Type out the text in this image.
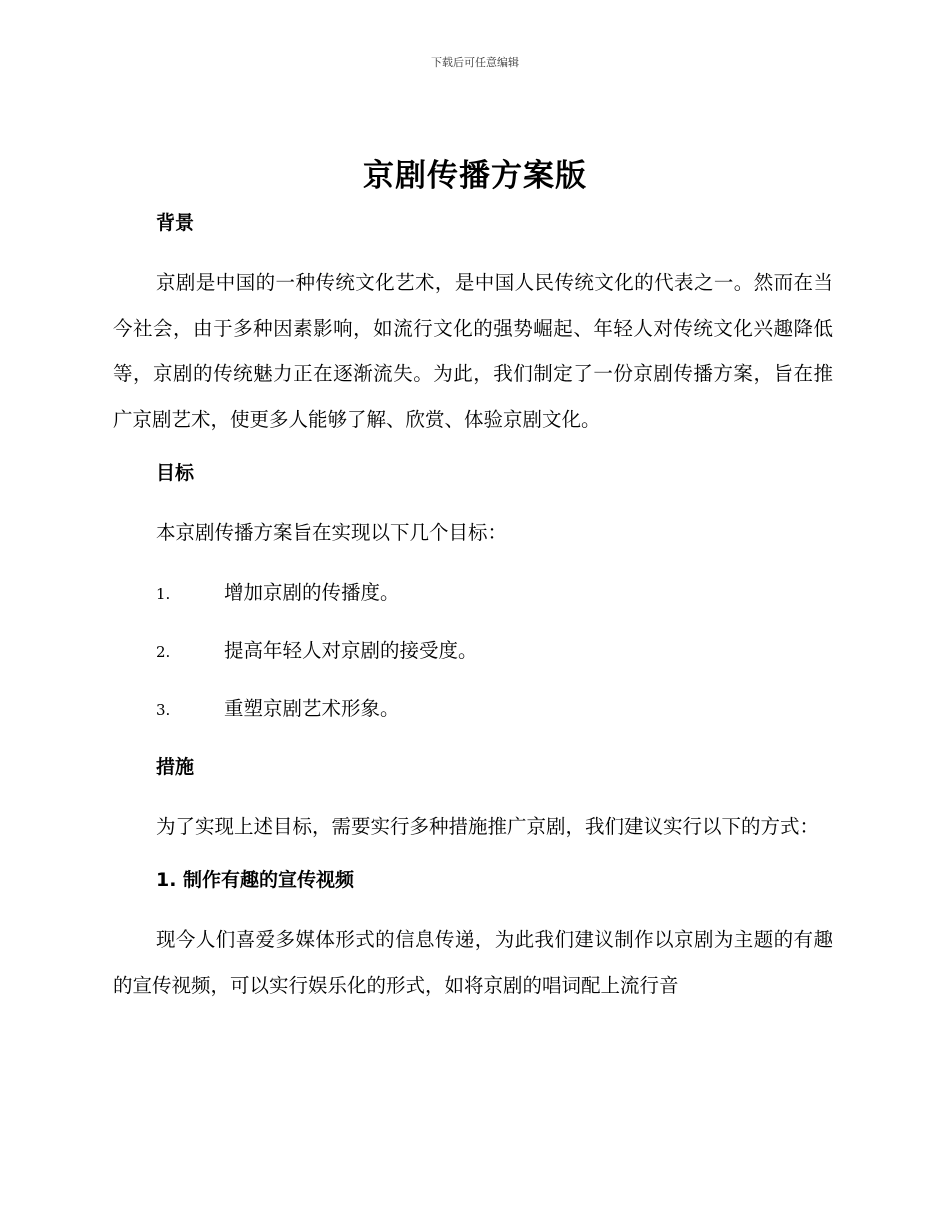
下载后可任意编辑
京剧传播方案版
背景

京剧是中国的一种传统文化艺术，是中国人民传统文化的代表之一。然而在当今社会，由于多种因素影响，如流行文化的强势崛起、年轻人对传统文化兴趣降低等，京剧的传统魅力正在逐渐流失。为此，我们制定了一份京剧传播方案，旨在推广京剧艺术，使更多人能够了解、欣赏、体验京剧文化。

目标

本京剧传播方案旨在实现以下几个目标：

1.	增加京剧的传播度。
2.	提高年轻人对京剧的接受度。
3.	重塑京剧艺术形象。
措施

为了实现上述目标，需要实行多种措施推广京剧，我们建议实行以下的方式：

1. 制作有趣的宣传视频

现今人们喜爱多媒体形式的信息传递，为此我们建议制作以京剧为主题的有趣的宣传视频，可以实行娱乐化的形式，如将京剧的唱词配上流行音
